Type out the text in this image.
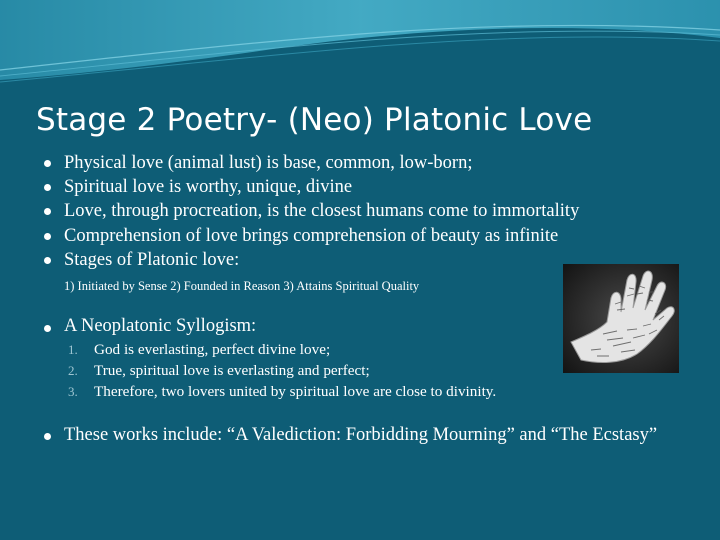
Stage 2 Poetry- (Neo) Platonic Love
Physical love (animal lust) is base, common, low-born;
Spiritual love is worthy, unique, divine
Love, through procreation, is the closest humans come to immortality
Comprehension of love brings comprehension of beauty as infinite
Stages of Platonic love:
1) Initiated by Sense 2) Founded in Reason 3) Attains Spiritual Quality
A Neoplatonic Syllogism:
1. God is everlasting, perfect divine love;
2. True, spiritual love is everlasting and perfect;
3. Therefore, two lovers united by spiritual love are close to divinity.
These works include: “A Valediction: Forbidding Mourning” and “The Ecstasy”
